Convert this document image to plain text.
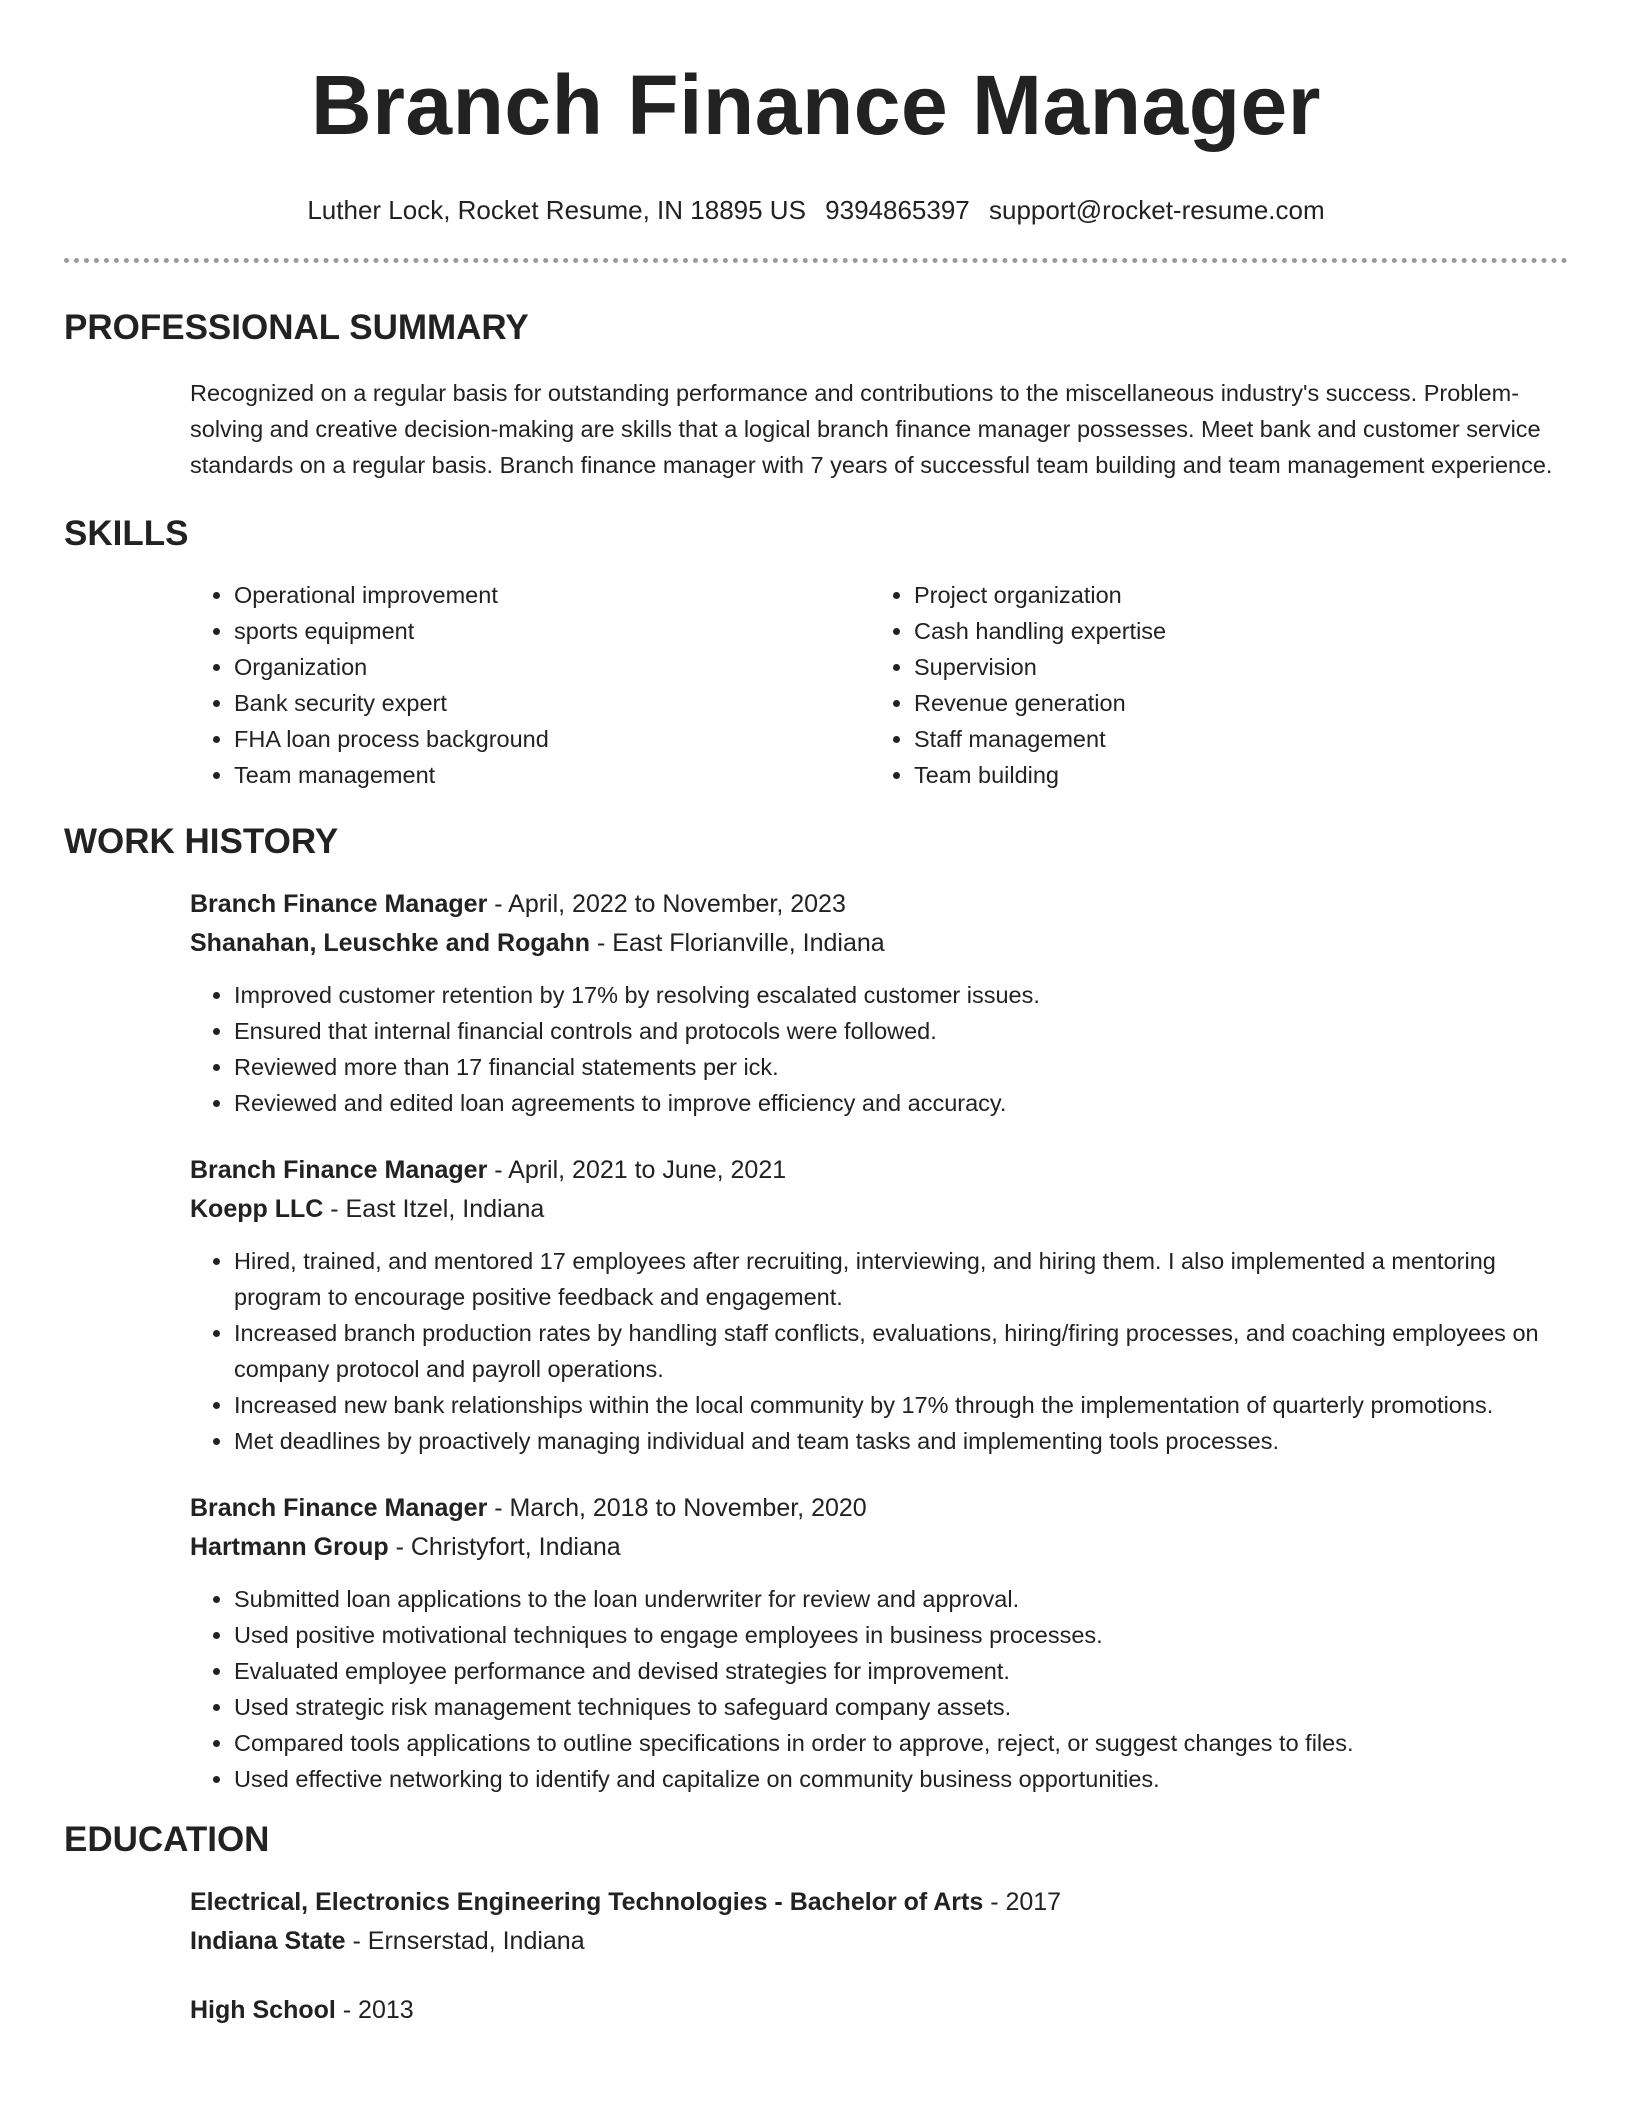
Branch Finance Manager
Luther Lock, Rocket Resume, IN 18895 US 9394865397 support@rocket-resume.com
PROFESSIONAL SUMMARY
Recognized on a regular basis for outstanding performance and contributions to the miscellaneous industry's success. Problem-solving and creative decision-making are skills that a logical branch finance manager possesses. Meet bank and customer service standards on a regular basis. Branch finance manager with 7 years of successful team building and team management experience.
SKILLS
• Operational improvement
• sports equipment
• Organization
• Bank security expert
• FHA loan process background
• Team management
• Project organization
• Cash handling expertise
• Supervision
• Revenue generation
• Staff management
• Team building
WORK HISTORY
Branch Finance Manager - April, 2022 to November, 2023
Shanahan, Leuschke and Rogahn - East Florianville, Indiana
• Improved customer retention by 17% by resolving escalated customer issues.
• Ensured that internal financial controls and protocols were followed.
• Reviewed more than 17 financial statements per ick.
• Reviewed and edited loan agreements to improve efficiency and accuracy.
Branch Finance Manager - April, 2021 to June, 2021
Koepp LLC - East Itzel, Indiana
• Hired, trained, and mentored 17 employees after recruiting, interviewing, and hiring them. I also implemented a mentoring program to encourage positive feedback and engagement.
• Increased branch production rates by handling staff conflicts, evaluations, hiring/firing processes, and coaching employees on company protocol and payroll operations.
• Increased new bank relationships within the local community by 17% through the implementation of quarterly promotions.
• Met deadlines by proactively managing individual and team tasks and implementing tools processes.
Branch Finance Manager - March, 2018 to November, 2020
Hartmann Group - Christyfort, Indiana
• Submitted loan applications to the loan underwriter for review and approval.
• Used positive motivational techniques to engage employees in business processes.
• Evaluated employee performance and devised strategies for improvement.
• Used strategic risk management techniques to safeguard company assets.
• Compared tools applications to outline specifications in order to approve, reject, or suggest changes to files.
• Used effective networking to identify and capitalize on community business opportunities.
EDUCATION
Electrical, Electronics Engineering Technologies - Bachelor of Arts - 2017
Indiana State - Ernserstad, Indiana
High School - 2013
